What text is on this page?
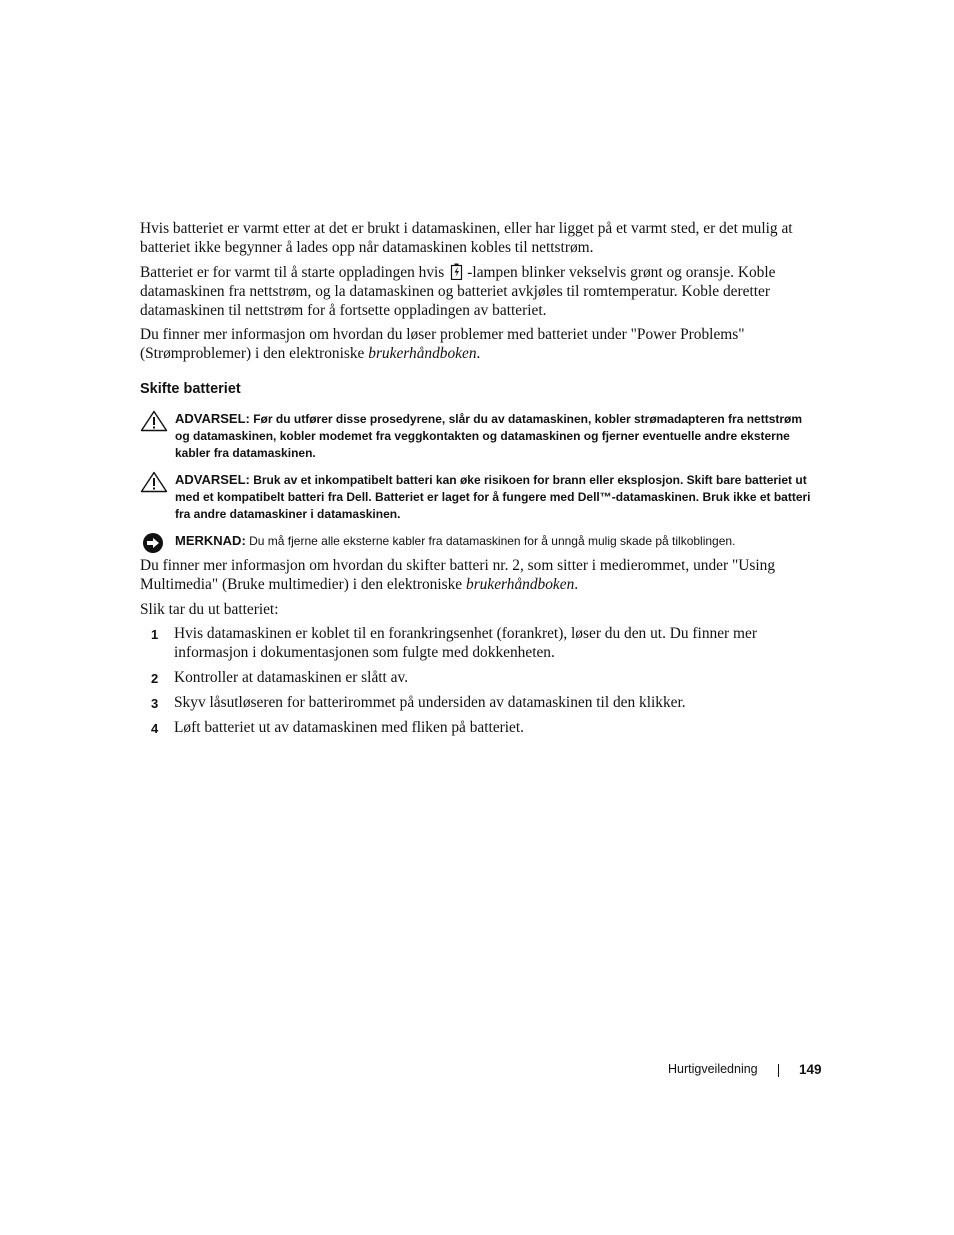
Hvis batteriet er varmt etter at det er brukt i datamaskinen, eller har ligget på et varmt sted, er det mulig at batteriet ikke begynner å lades opp når datamaskinen kobles til nettstrøm.

Batteriet er for varmt til å starte oppladingen hvis -lampen blinker vekselvis grønt og oransje. Koble datamaskinen fra nettstrøm, og la datamaskinen og batteriet avkjøles til romtemperatur. Koble deretter datamaskinen til nettstrøm for å fortsette oppladingen av batteriet.

Du finner mer informasjon om hvordan du løser problemer med batteriet under "Power Problems" (Strømproblemer) i den elektroniske brukerhåndboken.

Skifte batteriet
ADVARSEL: Før du utfører disse prosedyrene, slår du av datamaskinen, kobler strømadapteren fra nettstrøm og datamaskinen, kobler modemet fra veggkontakten og datamaskinen og fjerner eventuelle andre eksterne kabler fra datamaskinen.
ADVARSEL: Bruk av et inkompatibelt batteri kan øke risikoen for brann eller eksplosjon. Skift bare batteriet ut med et kompatibelt batteri fra Dell. Batteriet er laget for å fungere med Dell™-datamaskinen. Bruk ikke et batteri fra andre datamaskiner i datamaskinen.
MERKNAD: Du må fjerne alle eksterne kabler fra datamaskinen for å unngå mulig skade på tilkoblingen.

Du finner mer informasjon om hvordan du skifter batteri nr. 2, som sitter i medierommet, under "Using Multimedia" (Bruke multimedier) i den elektroniske brukerhåndboken.

Slik tar du ut batteriet:

1 Hvis datamaskinen er koblet til en forankringsenhet (forankret), løser du den ut. Du finner mer informasjon i dokumentasjonen som fulgte med dokkenheten.
2 Kontroller at datamaskinen er slått av.
3 Skyv låsutløseren for batterirommet på undersiden av datamaskinen til den klikker.
4 Løft batteriet ut av datamaskinen med fliken på batteriet.
Hurtigveiledning	149
